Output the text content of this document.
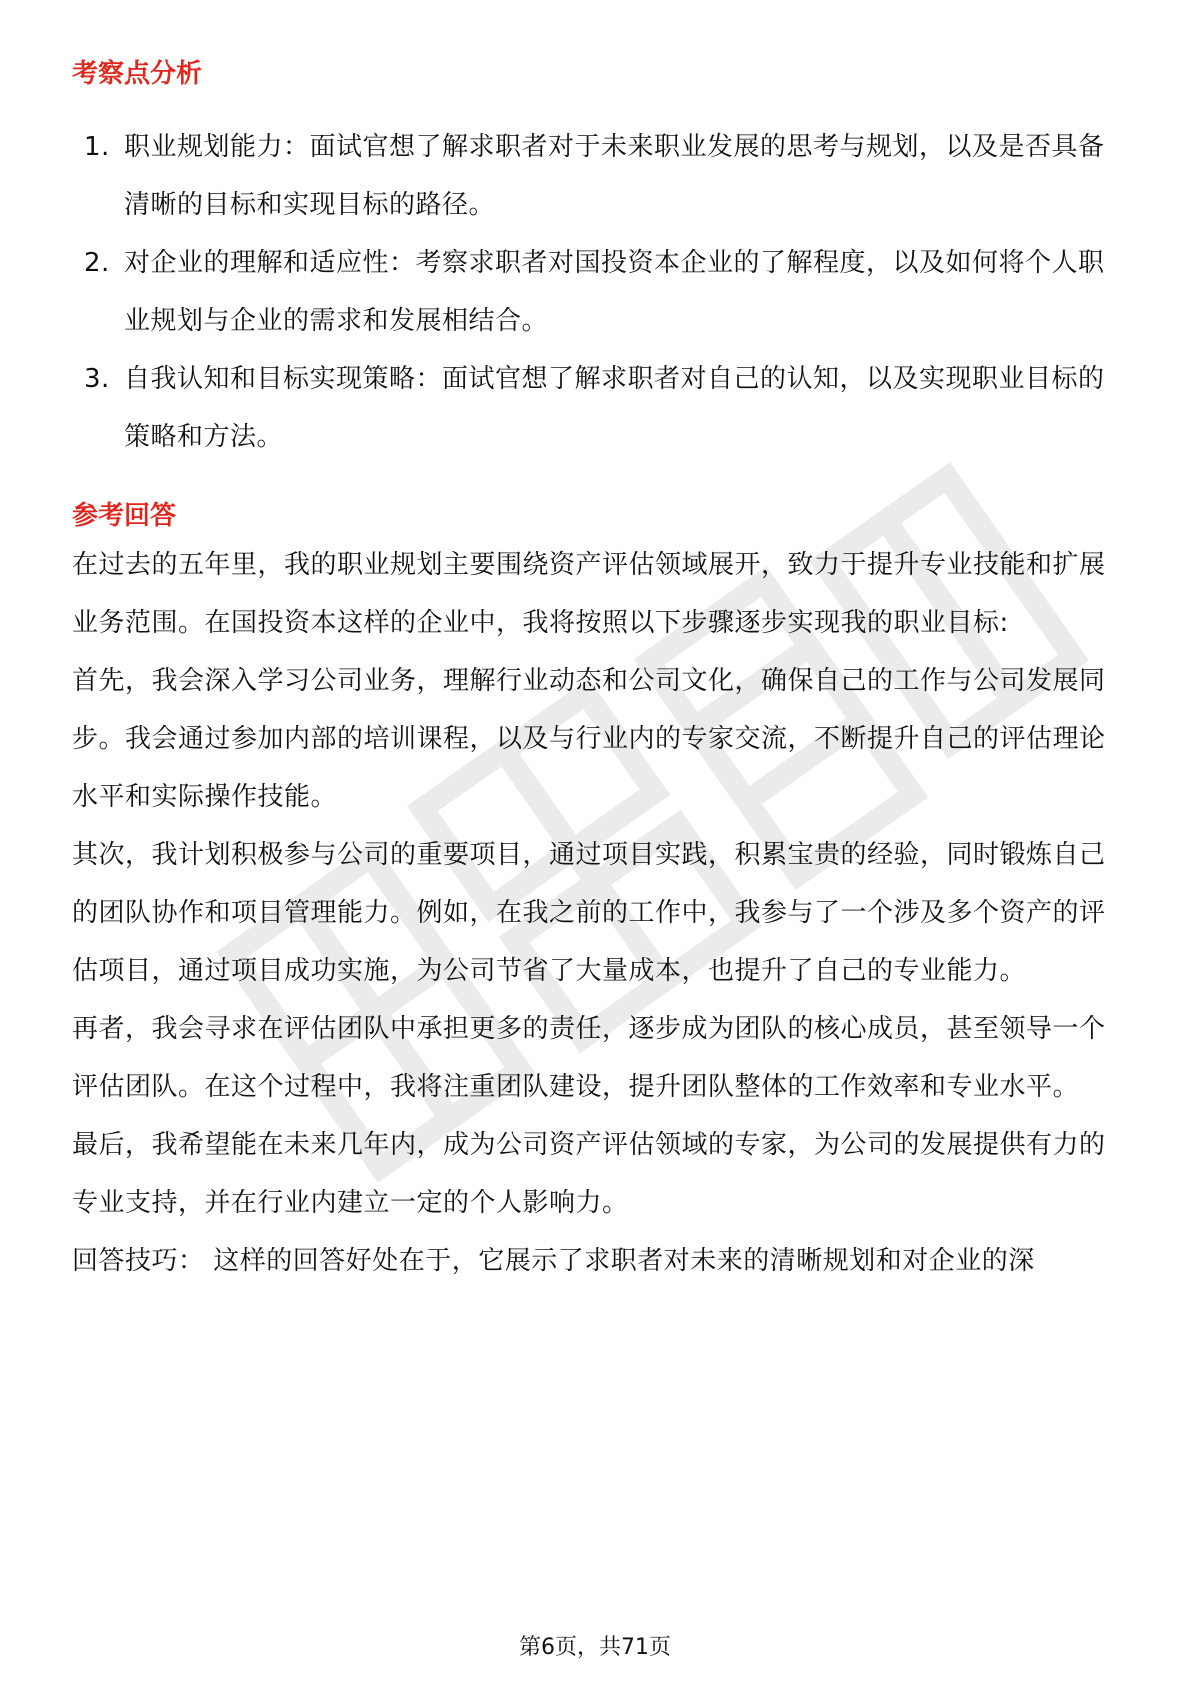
考察点分析
1. 职业规划能力：面试官想了解求职者对于未来职业发展的思考与规划，以及是否具备清晰的目标和实现目标的路径。
2. 对企业的理解和适应性：考察求职者对国投资本企业的了解程度，以及如何将个人职业规划与企业的需求和发展相结合。
3. 自我认知和目标实现策略：面试官想了解求职者对自己的认知，以及实现职业目标的策略和方法。
参考回答

在过去的五年里，我的职业规划主要围绕资产评估领域展开，致力于提升专业技能和扩展业务范围。在国投资本这样的企业中，我将按照以下步骤逐步实现我的职业目标:

首先，我会深入学习公司业务，理解行业动态和公司文化，确保自己的工作与公司发展同步。我会通过参加内部的培训课程，以及与行业内的专家交流，不断提升自己的评估理论水平和实际操作技能。

其次，我计划积极参与公司的重要项目，通过项目实践，积累宝贵的经验，同时锻炼自己的团队协作和项目管理能力。例如，在我之前的工作中，我参与了一个涉及多个资产的评估项目，通过项目成功实施，为公司节省了大量成本，也提升了自己的专业能力。

再者，我会寻求在评估团队中承担更多的责任，逐步成为团队的核心成员，甚至领导一个评估团队。在这个过程中，我将注重团队建设，提升团队整体的工作效率和专业水平。

最后，我希望能在未来几年内，成为公司资产评估领域的专家，为公司的发展提供有力的专业支持，并在行业内建立一定的个人影响力。

回答技巧： 这样的回答好处在于，它展示了求职者对未来的清晰规划和对企业的深

第6页，共71页
